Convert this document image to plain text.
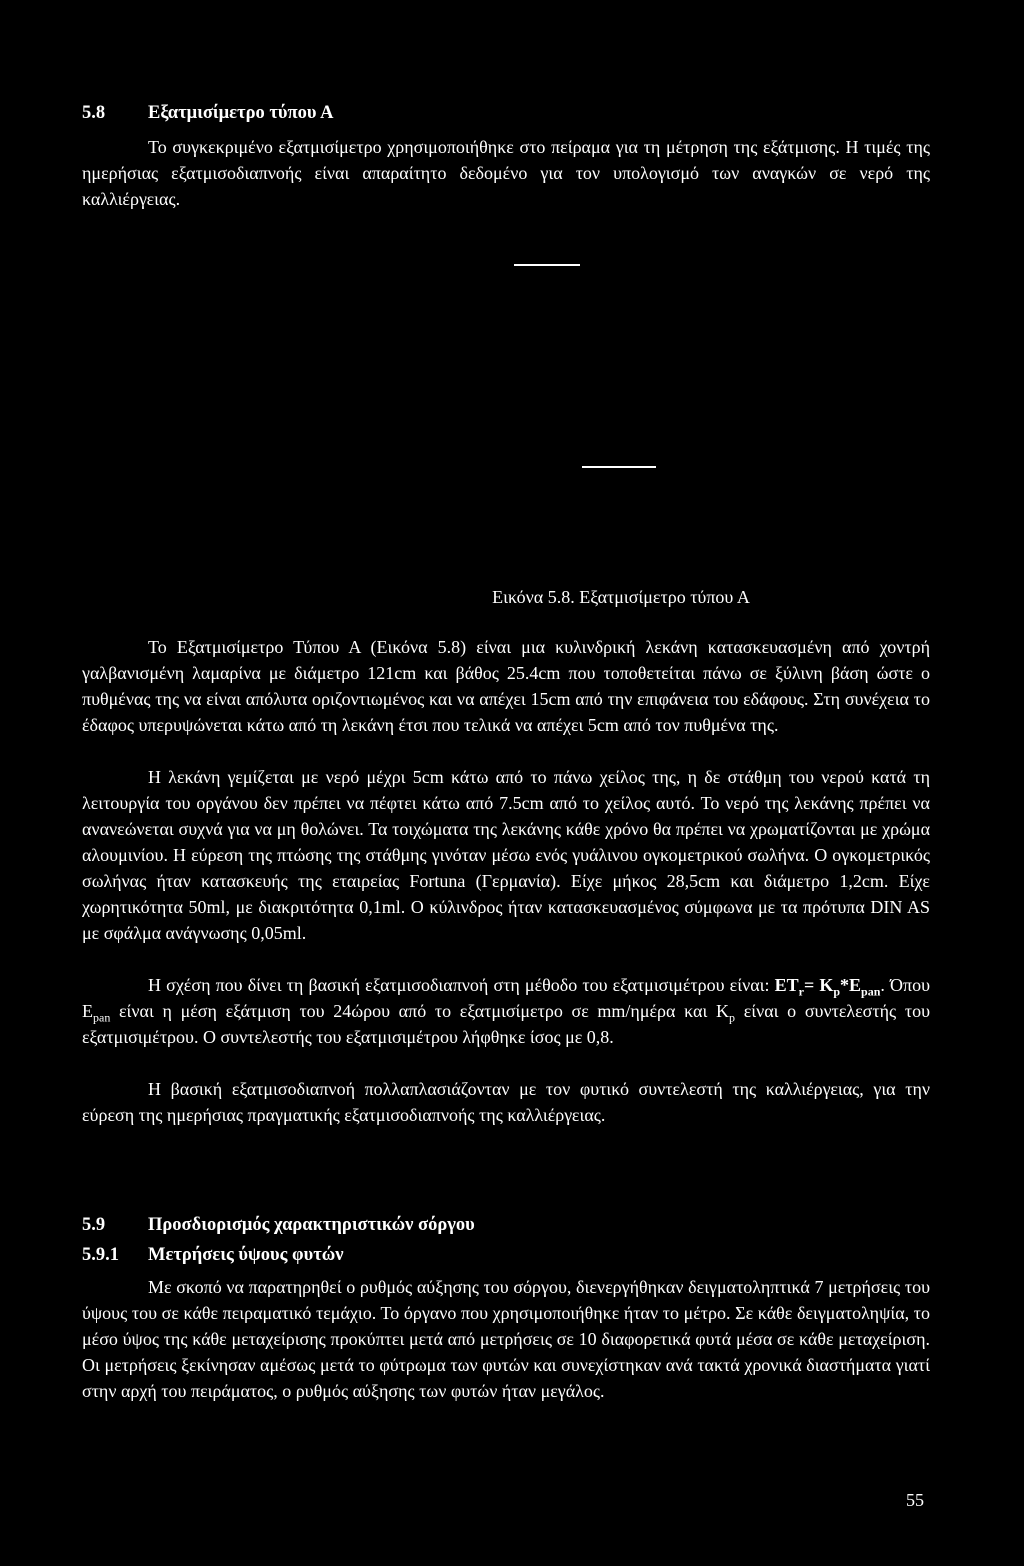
5.8 Εξατμισίμετρο τύπου Α
Το συγκεκριμένο εξατμισίμετρο χρησιμοποιήθηκε στο πείραμα για τη μέτρηση της εξάτμισης. Η τιμές της ημερήσιας εξατμισοδιαπνοής είναι απαραίτητο δεδομένο για τον υπολογισμό των αναγκών σε νερό της καλλιέργειας.
Εικόνα 5.8. Εξατμισίμετρο τύπου Α
Το Εξατμισίμετρο Τύπου Α (Εικόνα 5.8) είναι μια κυλινδρική λεκάνη κατασκευασμένη από χοντρή γαλβανισμένη λαμαρίνα με διάμετρο 121cm και βάθος 25.4cm που τοποθετείται πάνω σε ξύλινη βάση ώστε ο πυθμένας της να είναι απόλυτα οριζοντιωμένος και να απέχει 15cm από την επιφάνεια του εδάφους. Στη συνέχεια το έδαφος υπερυψώνεται κάτω από τη λεκάνη έτσι που τελικά να απέχει 5cm από τον πυθμένα της.
Η λεκάνη γεμίζεται με νερό μέχρι 5cm κάτω από το πάνω χείλος της, η δε στάθμη του νερού κατά τη λειτουργία του οργάνου δεν πρέπει να πέφτει κάτω από 7.5cm από το χείλος αυτό. Το νερό της λεκάνης πρέπει να ανανεώνεται συχνά για να μη θολώνει. Τα τοιχώματα της λεκάνης κάθε χρόνο θα πρέπει να χρωματίζονται με χρώμα αλουμινίου. Η εύρεση της πτώσης της στάθμης γινόταν μέσω ενός γυάλινου ογκομετρικού σωλήνα. Ο ογκομετρικός σωλήνας ήταν κατασκευής της εταιρείας Fortuna (Γερμανία). Είχε μήκος 28,5cm και διάμετρο 1,2cm. Είχε χωρητικότητα 50ml, με διακριτότητα 0,1ml. Ο κύλινδρος ήταν κατασκευασμένος σύμφωνα με τα πρότυπα DIN AS με σφάλμα ανάγνωσης 0,05ml.
Η σχέση που δίνει τη βασική εξατμισοδιαπνοή στη μέθοδο του εξατμισιμέτρου είναι: $ET_r= K_p*E_{pan}$. Όπου $E_{pan}$ είναι η μέση εξάτμιση του 24ώρου από το εξατμισίμετρο σε mm/ημέρα και $K_p$ είναι ο συντελεστής του εξατμισιμέτρου. Ο συντελεστής του εξατμισιμέτρου λήφθηκε ίσος με 0,8.
Η βασική εξατμισοδιαπνοή πολλαπλασιάζονταν με τον φυτικό συντελεστή της καλλιέργειας, για την εύρεση της ημερήσιας πραγματικής εξατμισοδιαπνοής της καλλιέργειας.
5.9 Προσδιορισμός χαρακτηριστικών σόργου
5.9.1 Μετρήσεις ύψους φυτών
Με σκοπό να παρατηρηθεί ο ρυθμός αύξησης του σόργου, διενεργήθηκαν δειγματοληπτικά 7 μετρήσεις του ύψους του σε κάθε πειραματικό τεμάχιο. Το όργανο που χρησιμοποιήθηκε ήταν το μέτρο. Σε κάθε δειγματοληψία, το μέσο ύψος της κάθε μεταχείρισης προκύπτει μετά από μετρήσεις σε 10 διαφορετικά φυτά μέσα σε κάθε μεταχείριση. Οι μετρήσεις ξεκίνησαν αμέσως μετά το φύτρωμα των φυτών και συνεχίστηκαν ανά τακτά χρονικά διαστήματα γιατί στην αρχή του πειράματος, ο ρυθμός αύξησης των φυτών ήταν μεγάλος.
55
